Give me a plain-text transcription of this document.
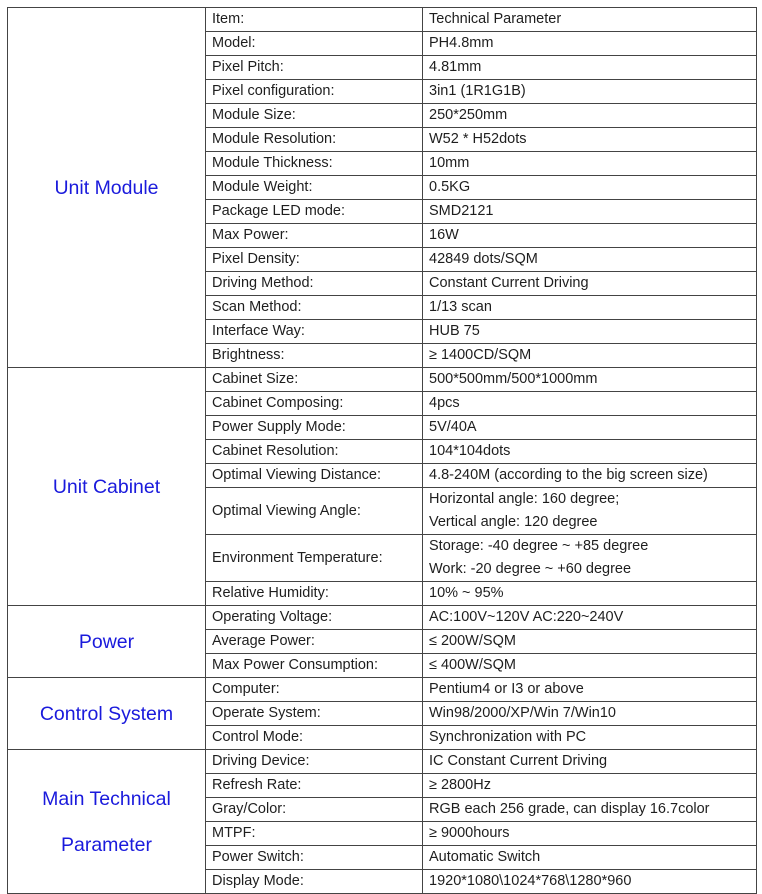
Unit Module	Item:	Technical Parameter
	Model:	PH4.8mm
	Pixel Pitch:	4.81mm
	Pixel configuration:	3in1 (1R1G1B)
	Module Size:	250*250mm
	Module Resolution:	W52 * H52dots
	Module Thickness:	10mm
	Module Weight:	0.5KG
	Package LED mode:	SMD2121
	Max Power:	16W
	Pixel Density:	42849 dots/SQM
	Driving Method:	Constant Current Driving
	Scan Method:	1/13 scan
	Interface Way:	HUB 75
	Brightness:	≥ 1400CD/SQM
Unit Cabinet	Cabinet Size:	500*500mm/500*1000mm
	Cabinet Composing:	4pcs
	Power Supply Mode:	5V/40A
	Cabinet Resolution:	104*104dots
	Optimal Viewing Distance:	4.8-240M (according to the big screen size)
	Optimal Viewing Angle:	Horizontal angle: 160 degree;
Vertical angle: 120 degree

	Environment Temperature:	Storage: -40 degree ~ +85 degree
Work: -20 degree ~ +60 degree

	Relative Humidity:	10% ~ 95%
Power	Operating Voltage:	AC:100V~120V AC:220~240V
	Average Power:	≤ 200W/SQM
	Max Power Consumption:	≤ 400W/SQM
Control System	Computer:	Pentium4 or I3 or above
	Operate System:	Win98/2000/XP/Win 7/Win10
	Control Mode:	Synchronization with PC

Main Technical
Parameter	Driving Device:	IC Constant Current Driving
	Refresh Rate:	≥ 2800Hz
	Gray/Color:	RGB each 256 grade, can display 16.7color
	MTPF:	≥ 9000hours
	Power Switch:	Automatic Switch
	Display Mode:	1920*1080\1024*768\1280*960
